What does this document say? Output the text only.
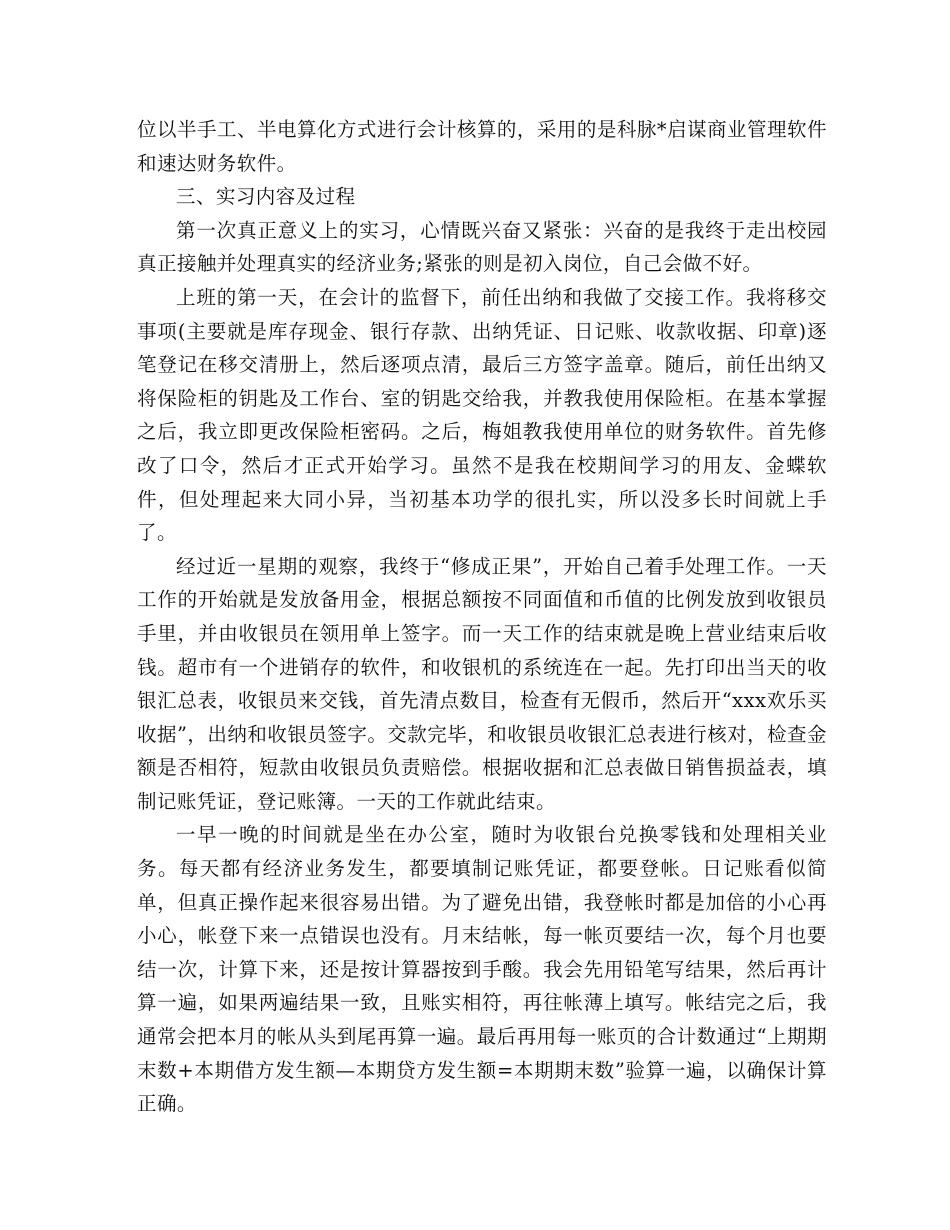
位以半手工、半电算化方式进行会计核算的，采用的是科脉*启谋商业管理软件和速达财务软件。

三、实习内容及过程

第一次真正意义上的实习，心情既兴奋又紧张：兴奋的是我终于走出校园真正接触并处理真实的经济业务;紧张的则是初入岗位，自己会做不好。

上班的第一天，在会计的监督下，前任出纳和我做了交接工作。我将移交事项(主要就是库存现金、银行存款、出纳凭证、日记账、收款收据、印章)逐笔登记在移交清册上，然后逐项点清，最后三方签字盖章。随后，前任出纳又将保险柜的钥匙及工作台、室的钥匙交给我，并教我使用保险柜。在基本掌握之后，我立即更改保险柜密码。之后，梅姐教我使用单位的财务软件。首先修改了口令，然后才正式开始学习。虽然不是我在校期间学习的用友、金蝶软件，但处理起来大同小异，当初基本功学的很扎实，所以没多长时间就上手了。

经过近一星期的观察，我终于“修成正果”，开始自己着手处理工作。一天工作的开始就是发放备用金，根据总额按不同面值和币值的比例发放到收银员手里，并由收银员在领用单上签字。而一天工作的结束就是晚上营业结束后收钱。超市有一个进销存的软件，和收银机的系统连在一起。先打印出当天的收银汇总表，收银员来交钱，首先清点数目，检查有无假币，然后开“xxx欢乐买收据”，出纳和收银员签字。交款完毕，和收银员收银汇总表进行核对，检查金额是否相符，短款由收银员负责赔偿。根据收据和汇总表做日销售损益表，填制记账凭证，登记账簿。一天的工作就此结束。

一早一晚的时间就是坐在办公室，随时为收银台兑换零钱和处理相关业务。每天都有经济业务发生，都要填制记账凭证，都要登帐。日记账看似简单，但真正操作起来很容易出错。为了避免出错，我登帐时都是加倍的小心再小心，帐登下来一点错误也没有。月末结帐，每一帐页要结一次，每个月也要结一次，计算下来，还是按计算器按到手酸。我会先用铅笔写结果，然后再计算一遍，如果两遍结果一致，且账实相符，再往帐薄上填写。帐结完之后，我通常会把本月的帐从头到尾再算一遍。最后再用每一账页的合计数通过“上期期末数+本期借方发生额—本期贷方发生额=本期期末数”验算一遍，以确保计算正确。
